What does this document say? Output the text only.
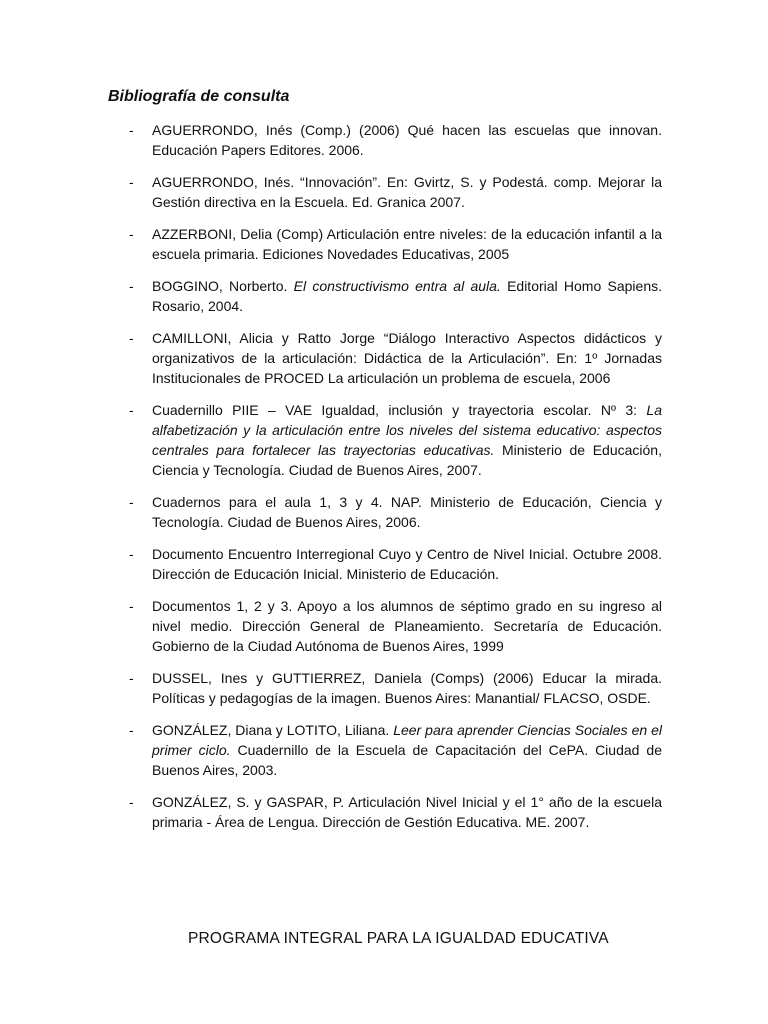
Bibliografía de consulta
- AGUERRONDO, Inés (Comp.) (2006) Qué hacen las escuelas que innovan. Educación Papers Editores. 2006.
- AGUERRONDO, Inés. “Innovación”. En: Gvirtz, S. y Podestá. comp. Mejorar la Gestión directiva en la Escuela. Ed. Granica 2007.
- AZZERBONI, Delia (Comp) Articulación entre niveles: de la educación infantil a la escuela primaria. Ediciones Novedades Educativas, 2005
- BOGGINO, Norberto. El constructivismo entra al aula. Editorial Homo Sapiens. Rosario, 2004.
- CAMILLONI, Alicia y Ratto Jorge “Diálogo Interactivo Aspectos didácticos y organizativos de la articulación: Didáctica de la Articulación”. En: 1º Jornadas Institucionales de PROCED La articulación un problema de escuela, 2006
- Cuadernillo PIIE – VAE Igualdad, inclusión y trayectoria escolar. Nº 3: La alfabetización y la articulación entre los niveles del sistema educativo: aspectos centrales para fortalecer las trayectorias educativas. Ministerio de Educación, Ciencia y Tecnología. Ciudad de Buenos Aires, 2007.
- Cuadernos para el aula 1, 3 y 4. NAP. Ministerio de Educación, Ciencia y Tecnología. Ciudad de Buenos Aires, 2006.
- Documento Encuentro Interregional Cuyo y Centro de Nivel Inicial. Octubre 2008. Dirección de Educación Inicial. Ministerio de Educación.
- Documentos 1, 2 y 3. Apoyo a los alumnos de séptimo grado en su ingreso al nivel medio. Dirección General de Planeamiento. Secretaría de Educación. Gobierno de la Ciudad Autónoma de Buenos Aires, 1999
- DUSSEL, Ines y GUTTIERREZ, Daniela (Comps) (2006) Educar la mirada. Políticas y pedagogías de la imagen. Buenos Aires: Manantial/ FLACSO, OSDE.
- GONZÁLEZ, Diana y LOTITO, Liliana. Leer para aprender Ciencias Sociales en el primer ciclo. Cuadernillo de la Escuela de Capacitación del CePA. Ciudad de Buenos Aires, 2003.
- GONZÁLEZ, S. y GASPAR, P. Articulación Nivel Inicial y el 1° año de la escuela primaria - Área de Lengua. Dirección de Gestión Educativa. ME. 2007.
PROGRAMA INTEGRAL PARA LA IGUALDAD EDUCATIVA
